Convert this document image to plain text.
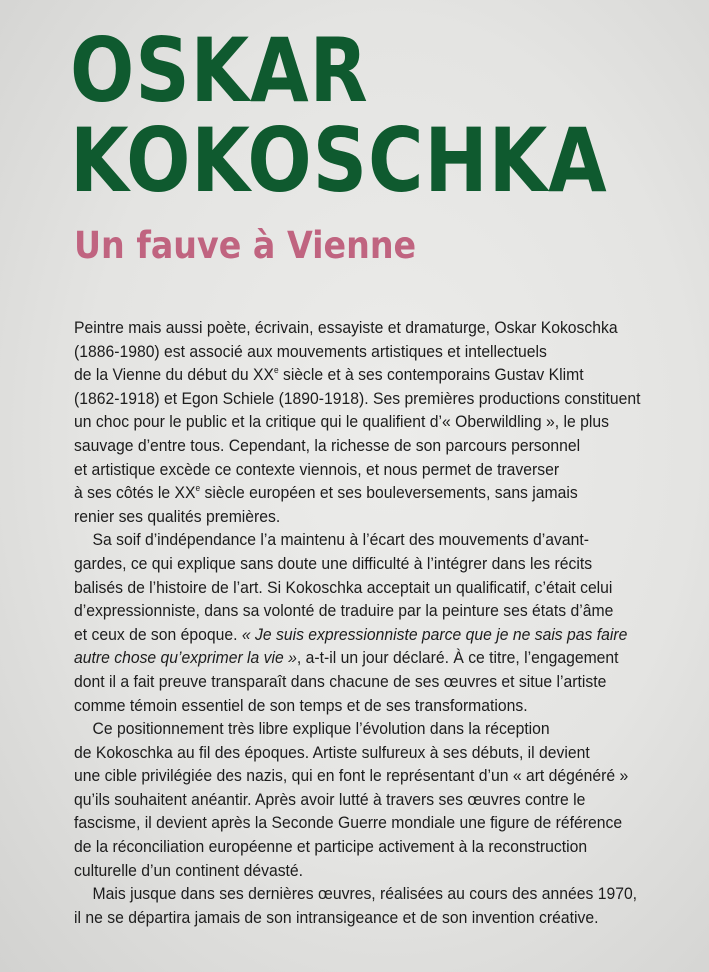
OSKAR
KOKOSCHKA
Un fauve à Vienne
Peintre mais aussi poète, écrivain, essayiste et dramaturge, Oskar Kokoschka
(1886-1980) est associé aux mouvements artistiques et intellectuels
de la Vienne du début du XXe siècle et à ses contemporains Gustav Klimt
(1862-1918) et Egon Schiele (1890-1918). Ses premières productions constituent
un choc pour le public et la critique qui le qualifient d’« Oberwildling », le plus
sauvage d’entre tous. Cependant, la richesse de son parcours personnel
et artistique excède ce contexte viennois, et nous permet de traverser
à ses côtés le XXe siècle européen et ses bouleversements, sans jamais
renier ses qualités premières.
Sa soif d’indépendance l’a maintenu à l’écart des mouvements d’avant-
gardes, ce qui explique sans doute une difficulté à l’intégrer dans les récits
balisés de l’histoire de l’art. Si Kokoschka acceptait un qualificatif, c’était celui
d’expressionniste, dans sa volonté de traduire par la peinture ses états d’âme
et ceux de son époque. « Je suis expressionniste parce que je ne sais pas faire
autre chose qu’exprimer la vie », a-t-il un jour déclaré. À ce titre, l’engagement
dont il a fait preuve transparaît dans chacune de ses œuvres et situe l’artiste
comme témoin essentiel de son temps et de ses transformations.
Ce positionnement très libre explique l’évolution dans la réception
de Kokoschka au fil des époques. Artiste sulfureux à ses débuts, il devient
une cible privilégiée des nazis, qui en font le représentant d’un « art dégénéré »
qu’ils souhaitent anéantir. Après avoir lutté à travers ses œuvres contre le
fascisme, il devient après la Seconde Guerre mondiale une figure de référence
de la réconciliation européenne et participe activement à la reconstruction
culturelle d’un continent dévasté.
Mais jusque dans ses dernières œuvres, réalisées au cours des années 1970,
il ne se départira jamais de son intransigeance et de son invention créative.
